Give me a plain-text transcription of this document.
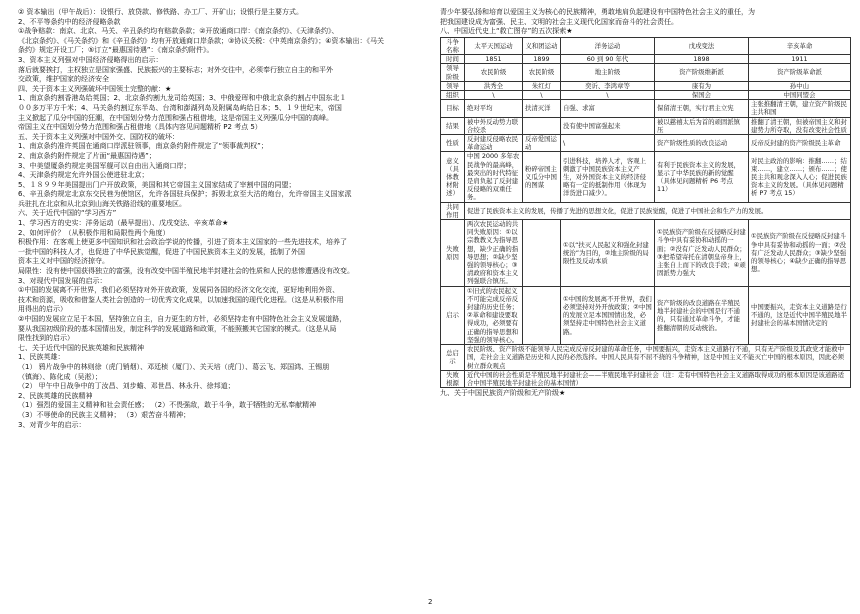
② 资本输出（甲午战后）：设银行、放贷款、修铁路、办工厂、开矿山；设银行是主要方式。
2、不平等条约中的经济侵略条款
①战争赔款：南京、北京、马关、辛丑条约均有赔款条款；②开放通商口岸：《南京条约》、《天津条约》、
《北京条约》、《马关条约》和《辛丑条约》均有开放通商口岸条款；③协议关税：《中英南京条约》；④资本输出：《马关
条约》规定开设工厂；⑤订立“最惠国待遇”：《南京条约附件》。
3、资本主义列强对中国经济侵略得出的启示：
落后就要挨打，主权独立是国家强盛、民族振兴的主要标志；对外交往中，必须奉行独立自主的和平外
交政策，维护国家的经济安全
四、关于资本主义列强破坏中国领土完整的献：★
1、南京条约割香港岛给英国；2、北京条约割九龙司给英国；3、中俄爱珲和中俄北京条约割占中国东北１
００多万平方千米；4、马关条约割辽东半岛、台湾和澎湖列岛及附属岛屿给日本；5、１９世纪末，帝国
主义掀起了瓜分中国的狂潮，在中国划分势力范围和强占租借地，这是帝国主义列强瓜分中国的高峰。
帝国主义在中国划分势力范围和强占租借地（具体内容见问题精析 P2 考点 5）
五、关于资本主义列强对中国外交、国防权的破坏：
1、南京条约准许英国在通商口岸派驻领事，南京条约附件规定了“领事裁判权”；
2、南京条约附件规定了片面“最惠国待遇”；
3、中美望厦条约规定美国军舰可以自由出入通商口岸；
4、天津条约规定允许外国公使进驻北京；
5、１８９９年美国提出门户开放政策，美国和其它帝国主义国家结成了宰割中国的同盟；
6、辛丑条约规定北京东交民巷为使馆区，允许各国驻兵保护；拆毁北京至大沽的炮台，允许帝国主义国家派
兵驻扎在北京和从北京到山海关铁路沿线的重要地区。
六、关于近代中国的“学习西方”
1、学习西方的史实：洋务运动（最早提出）、戊戌变法、辛亥革命★
2、如何评价？（从积极作用和局限性两个角度）
积极作用：在客观上使更多中国知识和社会政治学说的传播，引进了资本主义国家的一些先进技术，培养了
一批中国的科技人才，也促进了中华民族觉醒，促进了中国民族资本主义的发展，抵制了外国
资本主义对中国的经济掠夺。
局限性：没有使中国获得独立的富强，没有改变中国半殖民地半封建社会的性质和人民的悲惨遭遇没有改变。
3、对现代中国发展的启示：
①中国的发展离不开世界，我们必须坚持对外开放政策，发展同各国的经济文化交流，更好地利用外资、
技术和资源，吸收和借鉴人类社会创造的一切优秀文化成果，以加速我国的现代化进程。（这是从积极作用
用得出的启示）
②中国的发展应立足于本国，坚持独立自主，自力更生的方针，必须坚持走有中国特色社会主义发展道路，
要从我国初级阶段的基本国情出发，制定科学的发展道路和政策，不能照搬其它国家的模式。（这是从局
限性找到的启示）
七、关于近代中国的民族英雄和民族精神
1、民族英雄：
（1） 鸦片战争中的林则徐（虎门销烟）、邓廷桢（厦门）、关天培（虎门）、葛云飞、郑国鸿、王锡朋
（镇海）、陈化成（吴淞）；
（2） 甲午中日战争中的丁汝昌、刘步蟾、邓世昌、林永升、徐邦道；
2、民族英雄的民族精神
（1）强烈的爱国主义精神和社会责任感； （2）不畏强敌，敢于斗争，敢于牺牲的无私奉献精神
（3）不辱使命的民族主义精神； （3）艰苦奋斗精神；
3、对青少年的启示：
青少年要弘扬和培育以爱国主义为核心的民族精神，勇敢地肩负起建设有中国特色社会主义的重任，为
把我国建设成为富强、民主、文明的社会主义现代化国家而奋斗的社会责任。
八、中国近代史上“救亡图存”的五次探索★
斗争名称	太平天国运动	义和团运动	洋务运动	戊戌变法	辛亥革命
时间	1851	1899	60 到 90 年代	1898	1911
领导阶级	农民阶级	农民阶级	地主阶级	资产阶级维新派	资产阶级革命派
领导	洪秀全	朱红灯	奕䜣、李鸿章等	康有为	孙中山
组织	\	\	\	保国会	中国同盟会
目标	绝对平均	扶清灭洋	自强、求富	保留清王朝，实行君主立宪	主张推翻清王朝，建立资产阶级民主共和国
结果	被中外反动势力联合绞杀		没有使中国富强起来	被以慈禧太后为首的顽固派镇压	推翻了清王朝，但被帝国主义和封建势力所夺取，没有改变社会性质
性质	反封建反侵略农民革命运动	反帝爱国运动	\	资产阶级性质的改良运动	反帝反封建的资产阶级民主革命
意义（具体教材附述）	中国 2000 多年农民战争的最高峰，最突出的时代特征是肩负起了反封建反侵略的双重任务。	粉碎帝国主义瓜分中国的图谋	引进科技，培养人才，客观上刺激了中国民族资本主义产生，对外国资本主义的经济侵略有一定的抵制作用（体现为洋货进口减少）。	有利于民族资本主义的发展，显示了中华民族的新的觉醒（具体见问题精析 P6 考点 11）	对民主政治的影响：推翻……；结束……，建立……；颁布……；使民主共和观念深入人心；促进民族资本主义的发展。（具体见问题精析 P7 考点 15）
共同作用	促进了民族资本主义的发展，传播了先进的思想文化，促进了民族觉醒，促进了中国社会和生产力的发展。				
失败原因	两次农民运动的共同失败原因：①以宗教教义为指导思想，缺少正确的指导思想；②缺少坚强的领导核心；③清政府和资本主义列强联合镇压。		①以“扶灭人民起义和强化封建统治”为目的，②地主阶级的局限性及反动本质	①民族资产阶级在反侵略反封建斗争中具有妥协和动摇的一面；②没有广泛发动人民群众；③把希望寄托在清朝皇帝身上，主张自上而下的改良手段；④顽固派势力强大	①民族资产阶级在反侵略反封建斗争中具有妥协和动摇的一面；②没有广泛发动人民群众；③缺少坚强的领导核心；④缺少正确的指导思想。
启示	①旧式的农民起义不可能完成反帝反封建的历史任务；②革命和建设要取得成功，必须要有正确的指导思想和坚强的领导核心。		①中国的发展离不开世界，我们必须坚持对外开放政策；②中国的发展立足本国国情出发，必须坚持走中国特色社会主义道路。	资产阶级的改良道路在半殖民地半封建社会的中国是行不通的，只有通过革命斗争，才能推翻清朝的反动统治。	中国要振兴，走资本主义道路是行不通的，这是近代中国半殖民地半封建社会的基本国情决定的
总启示	农民阶级、资产阶级不能领导人民完成反帝反封建的革命任务，中国要振兴，走资本主义道路行不通，只有无产阶级及其政党才能救中国，走社会主义道路是历史和人民的必然选择。中国人民具有不屈不挠的斗争精神，这是中国主义不能灭亡中国的根本原因，因此必须树立群众观点				
失败根源	近代中国的社会性质是半殖民地半封建社会——半殖民地半封建社会（注：走有中国特色社会主义道路取得成功的根本原因是该道路适合中国半殖民地半封建社会的基本国情）				
九、关于中国民族资产阶级和无产阶级★
2
